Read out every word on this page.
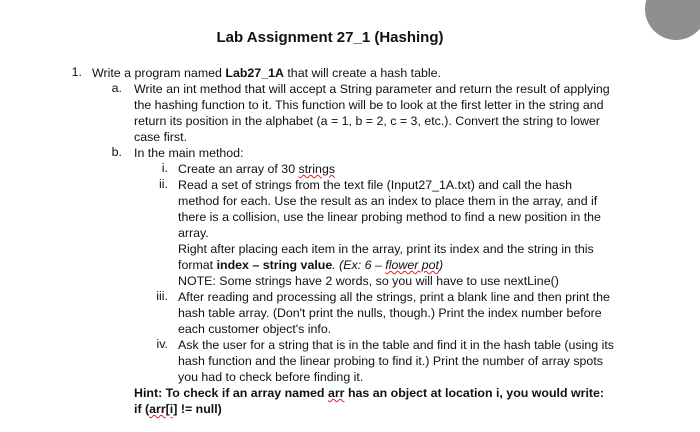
Lab Assignment 27_1 (Hashing)
1. Write a program named Lab27_1A that will create a hash table.
a. Write an int method that will accept a String parameter and return the result of applying
the hashing function to it. This function will be to look at the first letter in the string and
return its position in the alphabet (a = 1, b = 2, c = 3, etc.). Convert the string to lower
case first.
b. In the main method:
i. Create an array of 30 strings
ii. Read a set of strings from the text file (Input27_1A.txt) and call the hash
method for each. Use the result as an index to place them in the array, and if
there is a collision, use the linear probing method to find a new position in the
array.
Right after placing each item in the array, print its index and the string in this
format index – string value. (Ex: 6 – flower pot)
NOTE: Some strings have 2 words, so you will have to use nextLine()
iii. After reading and processing all the strings, print a blank line and then print the
hash table array. (Don't print the nulls, though.) Print the index number before
each customer object's info.
iv. Ask the user for a string that is in the table and find it in the hash table (using its
hash function and the linear probing to find it.) Print the number of array spots
you had to check before finding it.
Hint: To check if an array named arr has an object at location i, you would write:
if (arr[i] != null)
